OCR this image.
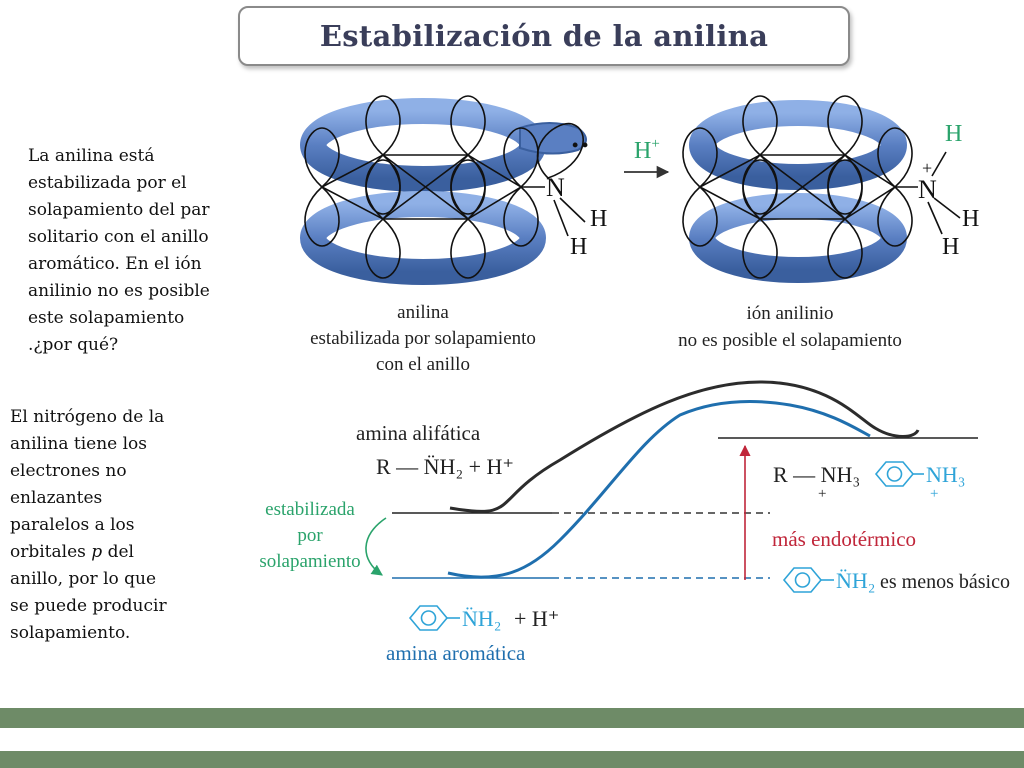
Estabilización de la anilina

La anilina está
estabilizada por el
solapamiento del par
solitario con el anillo
aromático. En el ión
anilinio no es posible
este solapamiento
.¿por qué?

El nitrógeno de la
anilina tiene los
electrones no
enlazantes
paralelos a los
orbitales p del
anillo, por lo que
se puede producir
solapamiento.

• •
N
H
H
H+
N
+
H
H
H
amina alifática
R — N̈H₂ + H⁺	R — NH₃
+
NH₃
+
más endotérmico
N̈H₂ es menos básico
N̈H₂ + H⁺
amina aromática

anilina
estabilizada por solapamiento
con el anillo

ión anilinio
no es posible el solapamiento

estabilizada
por
solapamiento
